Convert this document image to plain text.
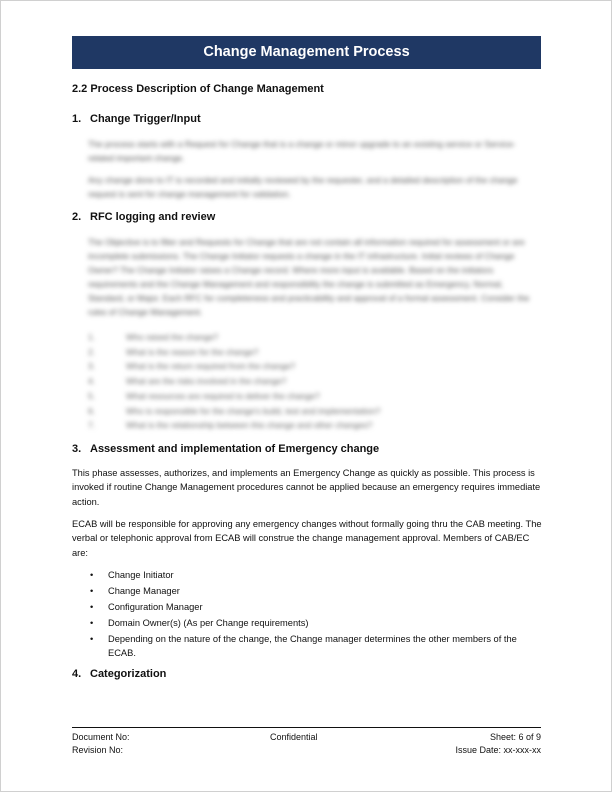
Change Management Process

2.2 Process Description of Change Management

1. Change Trigger/Input

The process starts with a Request for Change that is a change or minor upgrade to an existing service or Service-related important change.

Any change done to IT is recorded and initially reviewed by the requester, and a detailed description of the change request is sent for change management for validation.

2. RFC logging and review

The Objective is to filter and Requests for Change that are not contain all information required for assessment or are incomplete submissions. The Change Initiator requests a change in the IT infrastructure. Initial reviews of Change Owner? The Change Initiator raises a Change record. Where more input is available. Based on the initiators requirements and the Change Management and responsibility the change is submitted as Emergency, Normal, Standard, or Major. Each RFC for completeness and practicability and approval of a formal assessment. Consider the rules of Change Management.

1.	Who raised the change?
2.	What is the reason for the change?
3.	What is the return required from the change?
4.	What are the risks involved in the change?
5.	What resources are required to deliver the change?
6.	Who is responsible for the change's build, test and implementation?
7.	What is the relationship between this change and other changes?

3. Assessment and implementation of Emergency change

This phase assesses, authorizes, and implements an Emergency Change as quickly as possible. This process is invoked if routine Change Management procedures cannot be applied because an emergency requires immediate action.

ECAB will be responsible for approving any emergency changes without formally going thru the CAB meeting. The verbal or telephonic approval from ECAB will construe the change management approval. Members of CAB/EC are:

• Change Initiator
• Change Manager
• Configuration Manager
• Domain Owner(s) (As per Change requirements)
• Depending on the nature of the change, the Change manager determines the other members of the ECAB.

4. Categorization

Document No:
Revision No:
Confidential	Sheet: 6 of 9
Issue Date: xx-xxx-xx
